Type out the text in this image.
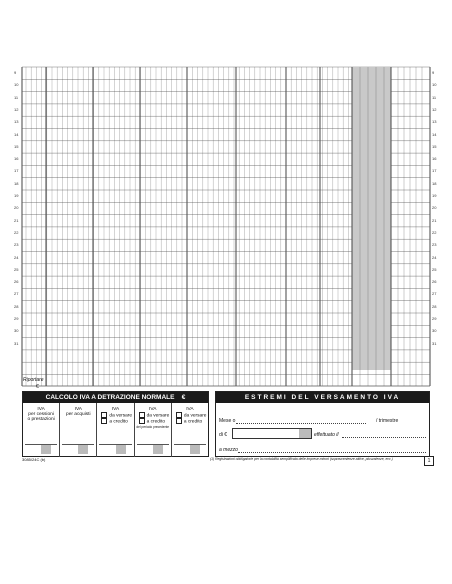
9
10
11
12
13
14
15
16
17
18
19
20
21
22
23
24
25
26
27
28
29
30
31
9
10
11
12
13
14
15
16
17
18
19
20
21
22
23
24
25
26
27
28
29
30
31
Riportare
€
CALCOLO IVA A DETRAZIONE NORMALE €
IVA
per cessioni
o prestazioni
IVA
per acquisti
IVA
da versare
a credito
IVA
da versare
a credito
del periodo precedente
IVA
da versare
a credito
ESTREMI DEL VERSAMENTO IVA
Mese o	/ trimestre
di €	effettuato il
a mezzo
3085/24C (b)	(1) Registrazioni obbligatorie per la contabilità semplificata delle imprese minori (sopravvenienze attive, plusvalenze, ecc.)	1
